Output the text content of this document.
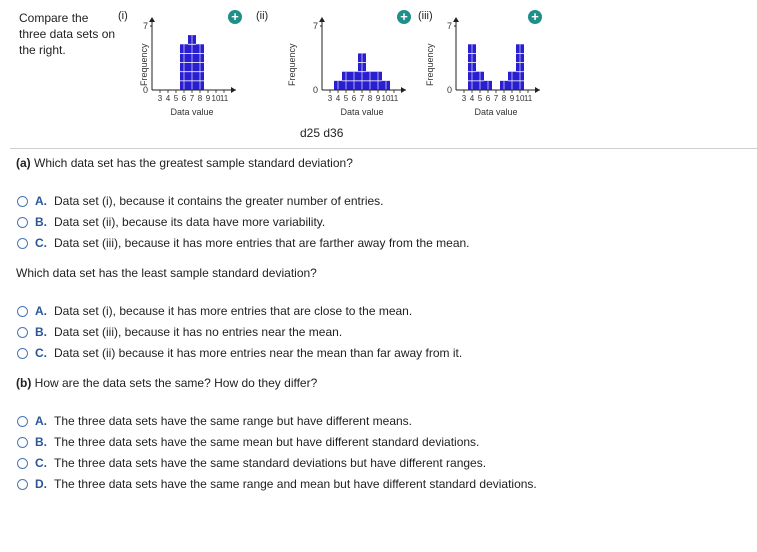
Compare the three data sets on the right.
(i)	(ii)	(iii)
+	+	+
7
0
3 4 5 6 7 8 9 10 11
7
0
3 4 5 6 7 8 9 10 11
7
0
3 4 5 6 7 8 9 10 11
Frequency	Frequency	Frequency
Data value	Data value	Data value
d25 d36
(a) Which data set has the greatest sample standard deviation?
A. Data set (i), because it contains the greater number of entries.
B. Data set (ii), because its data have more variability.
C. Data set (iii), because it has more entries that are farther away from the mean.
Which data set has the least sample standard deviation?
A. Data set (i), because it has more entries that are close to the mean.
B. Data set (iii), because it has no entries near the mean.
C. Data set (ii) because it has more entries near the mean than far away from it.
(b) How are the data sets the same? How do they differ?
A. The three data sets have the same range but have different means.
B. The three data sets have the same mean but have different standard deviations.
C. The three data sets have the same standard deviations but have different ranges.
D. The three data sets have the same range and mean but have different standard deviations.
